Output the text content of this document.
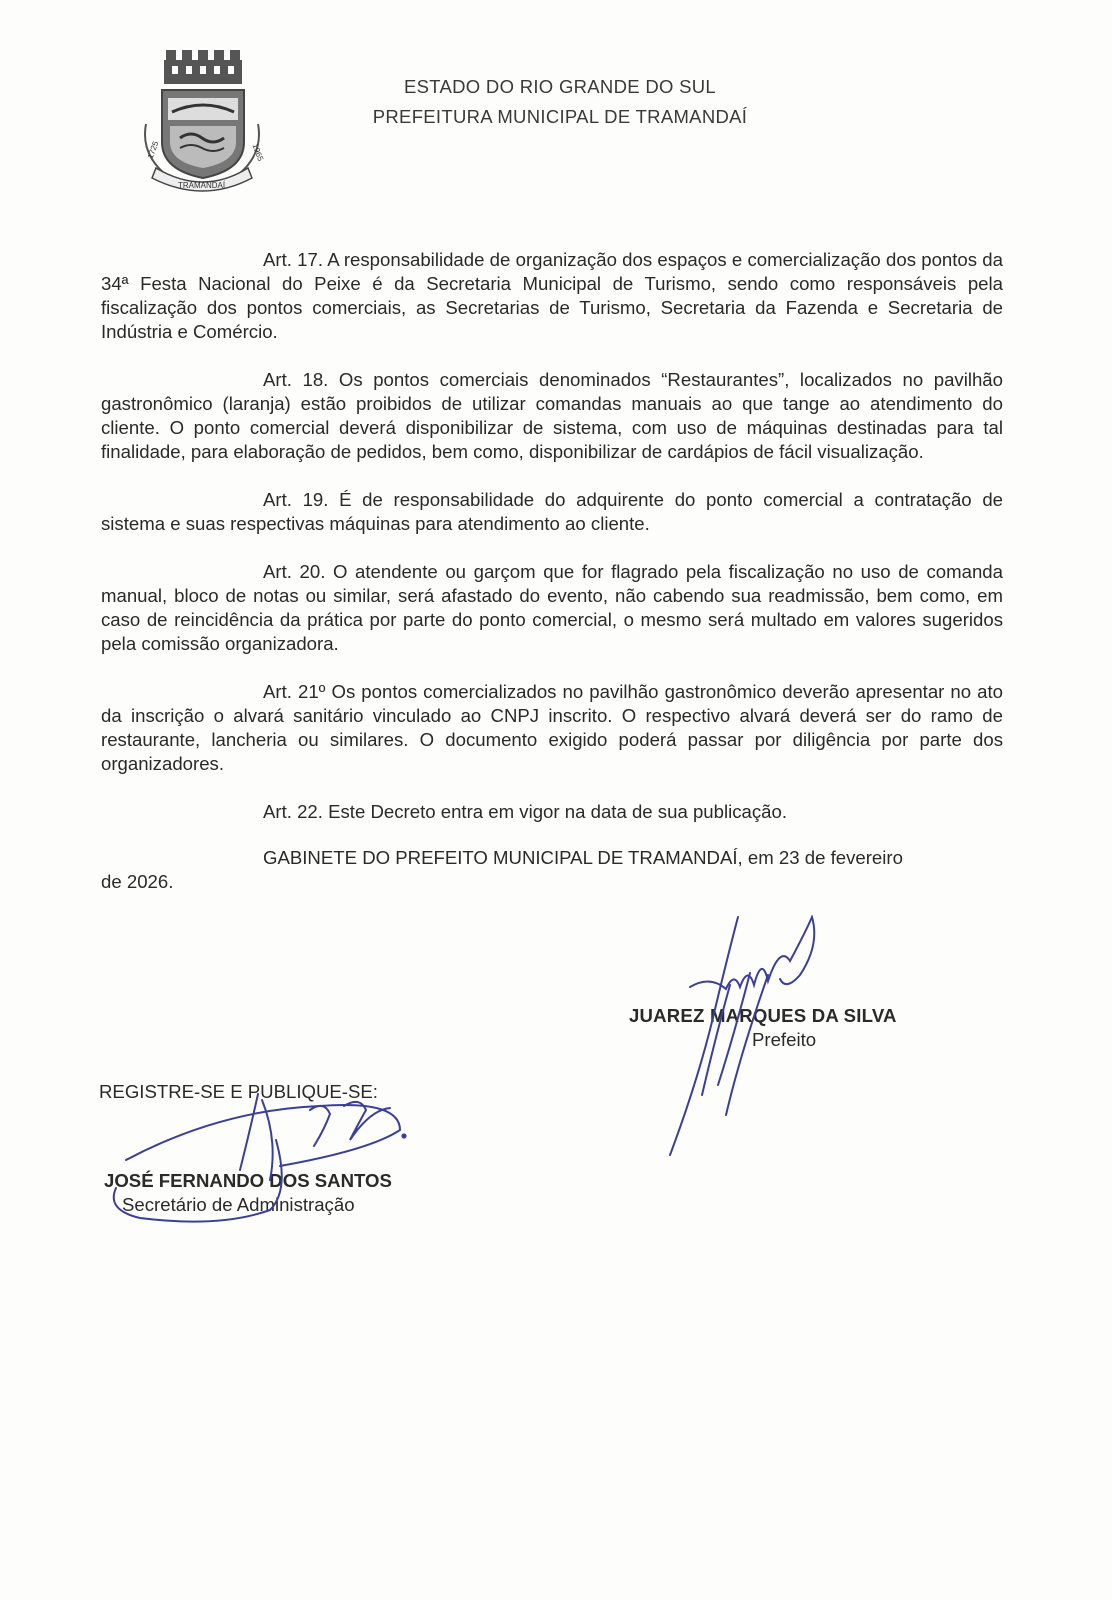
1725	1965
TRAMANDAÍ
ESTADO DO RIO GRANDE DO SUL
PREFEITURA MUNICIPAL DE TRAMANDAÍ

Art. 17. A responsabilidade de organização dos espaços e comercialização dos pontos da 34ª Festa Nacional do Peixe é da Secretaria Municipal de Turismo, sendo como responsáveis pela fiscalização dos pontos comerciais, as Secretarias de Turismo, Secretaria da Fazenda e Secretaria de Indústria e Comércio.

Art. 18. Os pontos comerciais denominados “Restaurantes”, localizados no pavilhão gastronômico (laranja) estão proibidos de utilizar comandas manuais ao que tange ao atendimento do cliente. O ponto comercial deverá disponibilizar de sistema, com uso de máquinas destinadas para tal finalidade, para elaboração de pedidos, bem como, disponibilizar de cardápios de fácil visualização.

Art. 19. É de responsabilidade do adquirente do ponto comercial a contratação de sistema e suas respectivas máquinas para atendimento ao cliente.

Art. 20. O atendente ou garçom que for flagrado pela fiscalização no uso de comanda manual, bloco de notas ou similar, será afastado do evento, não cabendo sua readmissão, bem como, em caso de reincidência da prática por parte do ponto comercial, o mesmo será multado em valores sugeridos pela comissão organizadora.

Art. 21º Os pontos comercializados no pavilhão gastronômico deverão apresentar no ato da inscrição o alvará sanitário vinculado ao CNPJ inscrito. O respectivo alvará deverá ser do ramo de restaurante, lancheria ou similares. O documento exigido poderá passar por diligência por parte dos organizadores.

Art. 22. Este Decreto entra em vigor na data de sua publicação.

GABINETE DO PREFEITO MUNICIPAL DE TRAMANDAÍ, em 23 de fevereiro
de 2026.

JUAREZ MARQUES DA SILVA
Prefeito
REGISTRE-SE E PUBLIQUE-SE:
JOSÉ FERNANDO DOS SANTOS
Secretário de Administração
